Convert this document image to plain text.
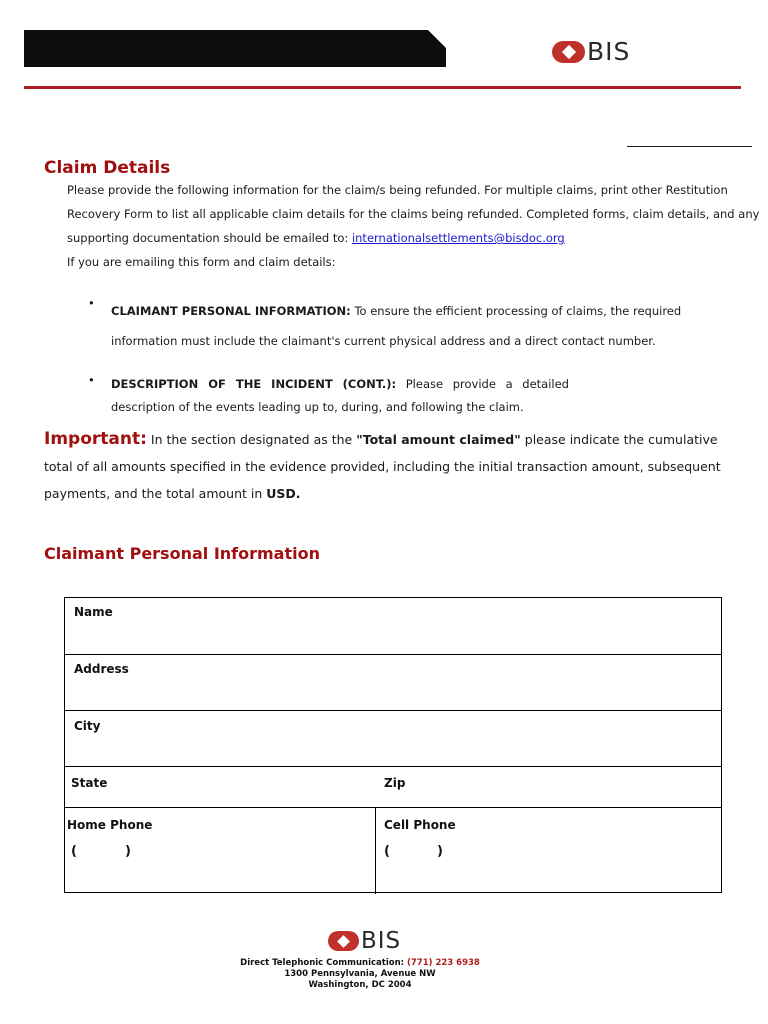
BIS
Claim Details
Please provide the following information for the claim/s being refunded. For multiple claims, print other Restitution
Recovery Form to list all applicable claim details for the claims being refunded. Completed forms, claim details, and any
supporting documentation should be emailed to: internationalsettlements@bisdoc.org
If you are emailing this form and claim details:
•
CLAIMANT PERSONAL INFORMATION: To ensure the efficient processing of claims, the required
information must include the claimant's current physical address and a direct contact number.
• DESCRIPTION OF THE INCIDENT (CONT.): Please provide a detailed
description of the events leading up to, during, and following the claim.
Important: In the section designated as the "Total amount claimed" please indicate the cumulative
total of all amounts specified in the evidence provided, including the initial transaction amount, subsequent
payments, and the total amount in USD.
Claimant Personal Information
Name
Address
City
State	Zip
Home Phone
(	)
Cell Phone
(	)
BIS
Direct Telephonic Communication: (771) 223 6938
1300 Pennsylvania, Avenue NW
Washington, DC 2004
